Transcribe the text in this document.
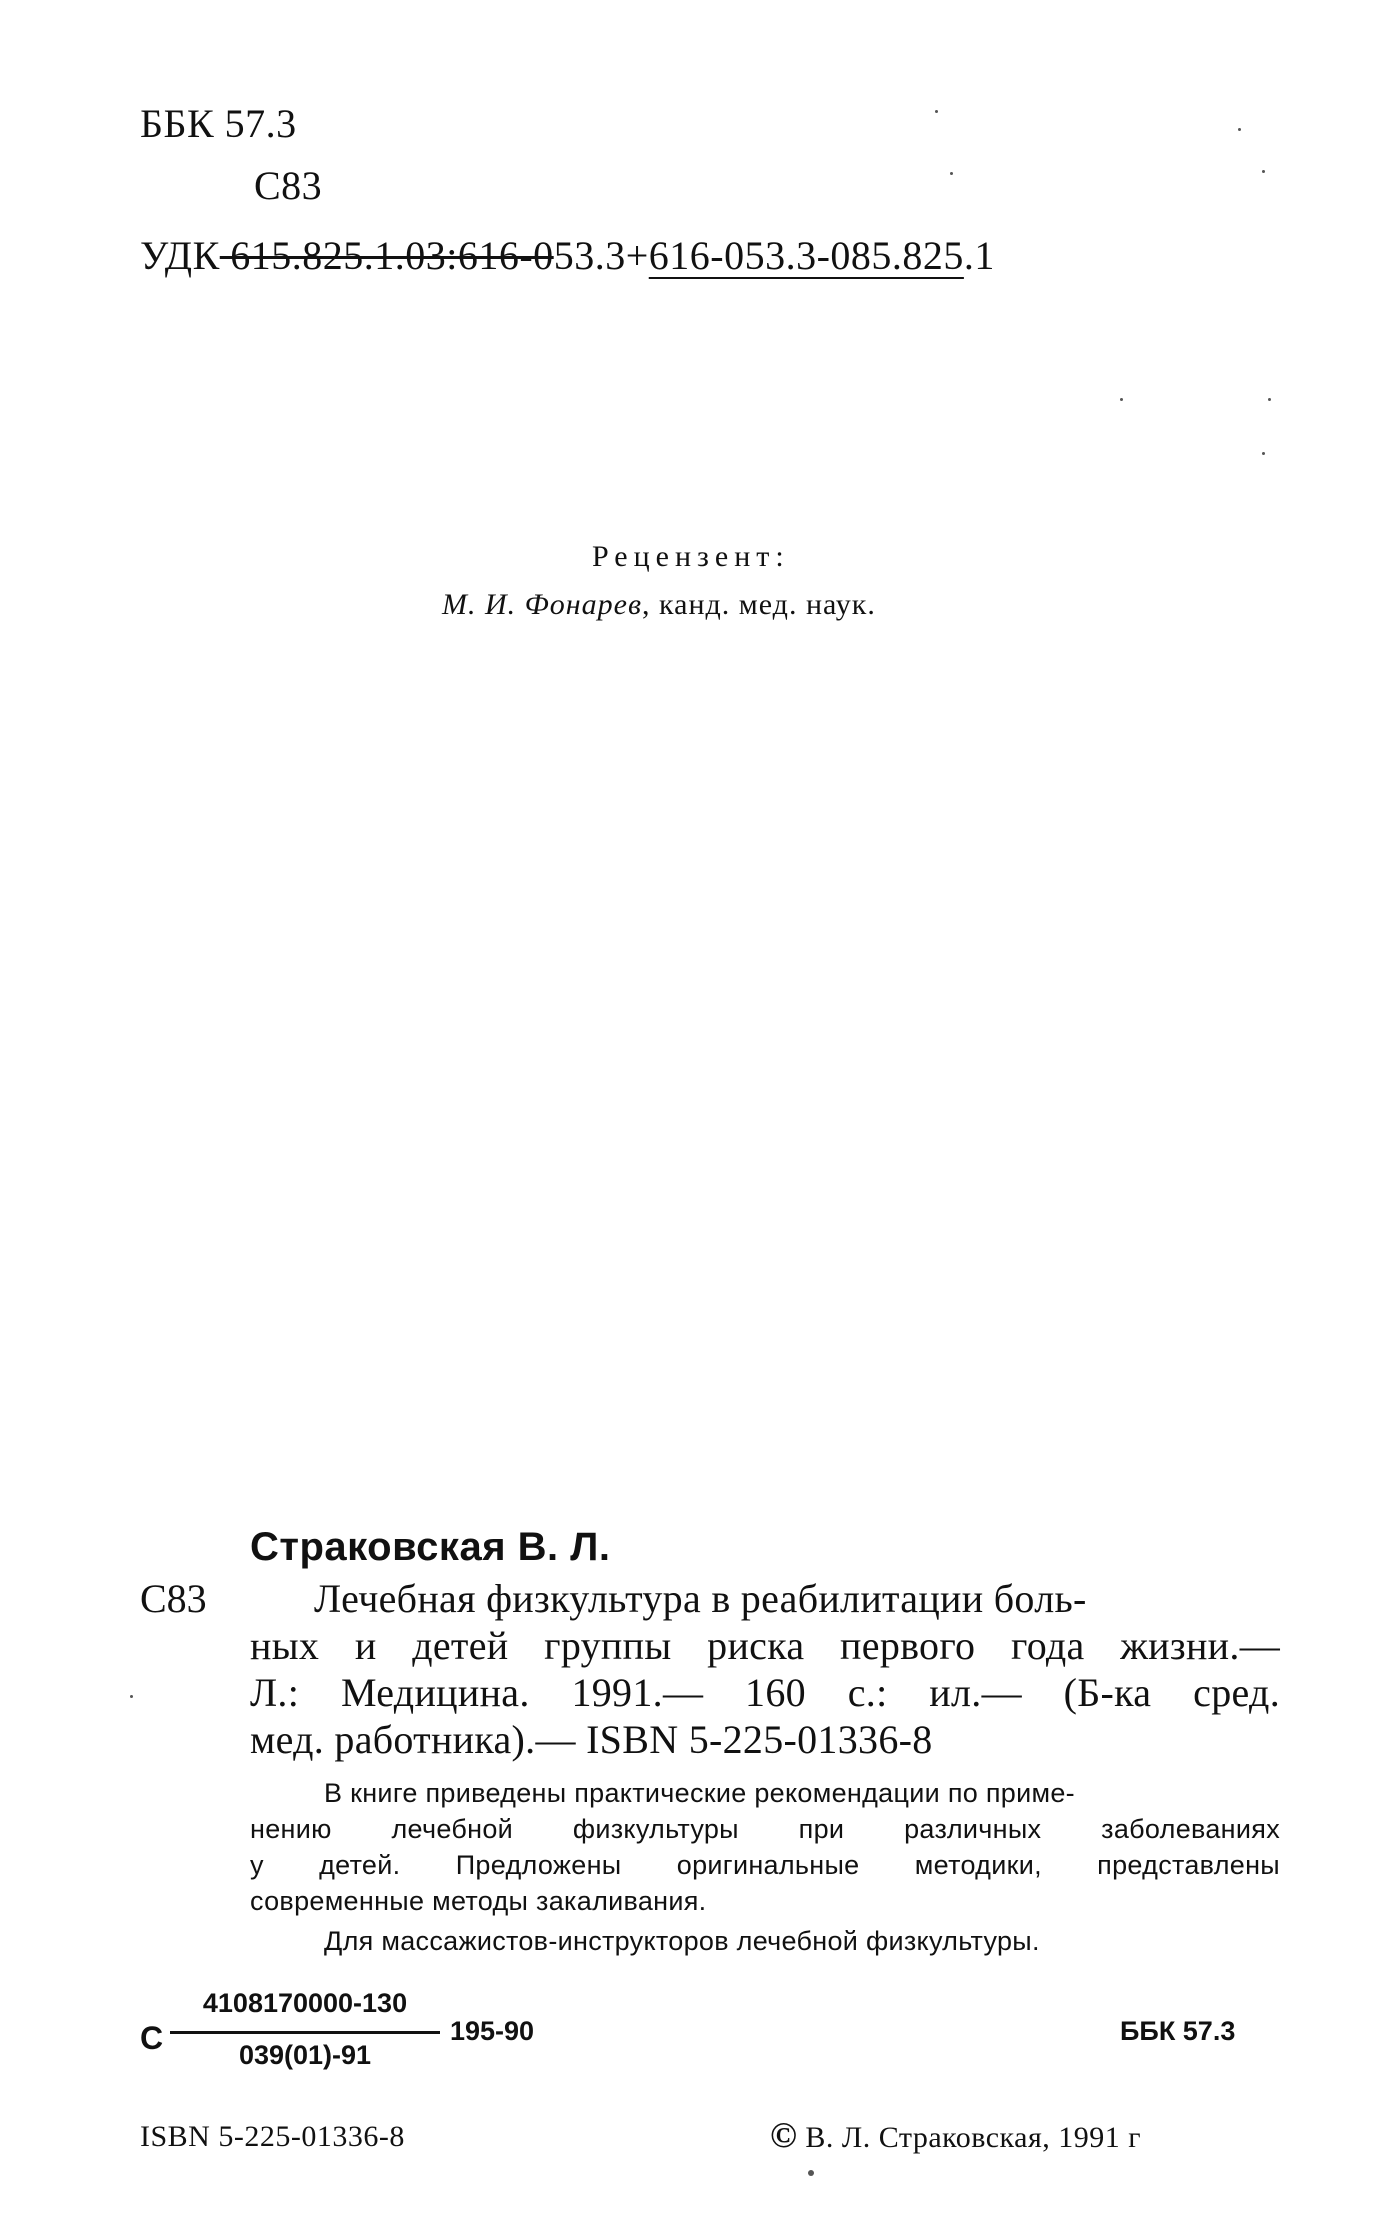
ББК 57.3
С83
УДК 615.825.1.03:616-053.3+616-053.3-085.825.1
Рецензент:
М. И. Фонарев, канд. мед. наук.
Страковская В. Л.
С83	Лечебная физкультура в реабилитации боль-
ных и детей группы риска первого года жизни.—
Л.: Медицина. 1991.— 160 с.: ил.— (Б-ка сред.
мед. работника).— ISBN 5-225-01336-8
В книге приведены практические рекомендации по приме-
нению лечебной физкультуры при различных заболеваниях
у детей. Предложены оригинальные методики, представлены
современные методы закаливания.
Для массажистов-инструкторов лечебной физкультуры.
С
4108170000-130
039(01)-91
195-90	ББК 57.3
ISBN 5-225-01336-8	© В. Л. Страковская, 1991 г
